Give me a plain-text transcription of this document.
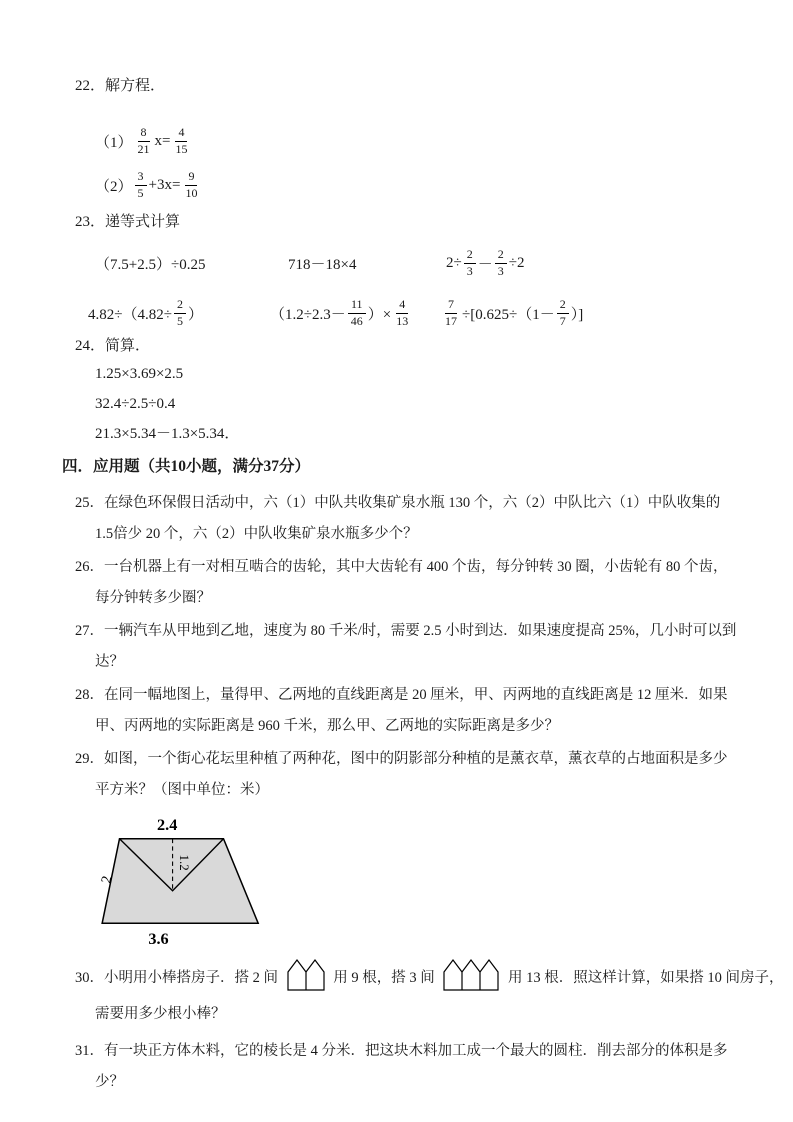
22．解方程．

$(1) \frac{8}{21} x= \frac{4}{15}$
$(2) \frac{3}{5} +3x= \frac{9}{10}$

23．递等式计算

（7.5+2.5）÷0.25	718－18×4	$2\div \frac{2}{3} - \frac{2}{3} \div 2$
$4.82\div(4.82\div \frac{2}{5}$ ）	（$1.2\div 2.3- \frac{11}{46}$ ）× $\frac{4}{13}$	$\frac{7}{17} \div[0.625\div(1- \frac{2}{7}$ ）]

24．简算．

1.25×3.69×2.5

32.4÷2.5÷0.4

21.3×5.34－1.3×5.34．

四．应用题（共10小题，满分37分）

25．在绿色环保假日活动中，六（1）中队共收集矿泉水瓶 130 个，六（2）中队比六（1）中队收集的1.5倍少 20 个，六（2）中队收集矿泉水瓶多少个？

26．一台机器上有一对相互啮合的齿轮，其中大齿轮有 400 个齿，每分钟转 30 圈，小齿轮有 80 个齿，每分钟转多少圈？

27．一辆汽车从甲地到乙地，速度为 80 千米/时，需要 2.5 小时到达．如果速度提高 25%，几小时可以到达？

28．在同一幅地图上，量得甲、乙两地的直线距离是 20 厘米，甲、丙两地的直线距离是 12 厘米．如果甲、丙两地的实际距离是 960 千米，那么甲、乙两地的实际距离是多少？

29．如图，一个街心花坛里种植了两种花，图中的阴影部分种植的是薰衣草，薰衣草的占地面积是多少平方米？（图中单位：米）

2.4
3.6
2
1.2

30．小明用小棒搭房子．搭 2 间	用 9 根，搭 3 间	用 13 根．照这样计算，如果搭 10 间房子，

需要用多少根小棒？

31．有一块正方体木料，它的棱长是 4 分米．把这块木料加工成一个最大的圆柱．削去部分的体积是多少？
